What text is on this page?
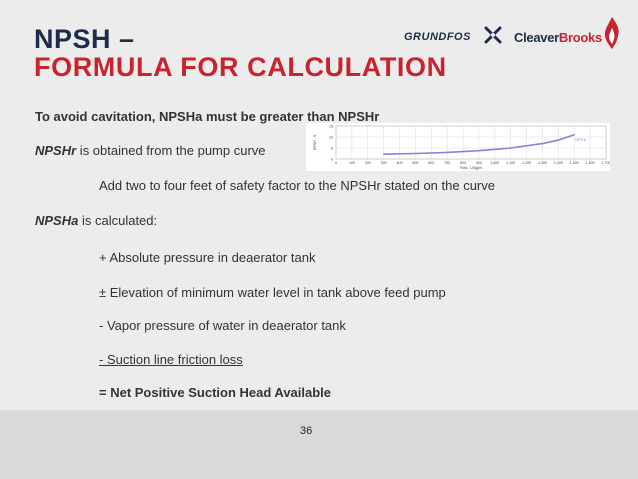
NPSH –
FORMULA FOR CALCULATION
GRUNDFOS	CleaverBrooks
To avoid cavitation, NPSHa must be greater than NPSHr
NPSHr is obtained from the pump curve
0	100	200	300	400	500	600	700	800	900 1,000 1,100 1,200 1,300 1,400 1,500 1,600 1,700
0
5
10
15
Flow - USgpm
NPSH - ft	NPSHr
Add two to four feet of safety factor to the NPSHr stated on the curve
NPSHa is calculated:
+ Absolute pressure in deaerator tank
± Elevation of minimum water level in tank above feed pump
- Vapor pressure of water in deaerator tank
- Suction line friction loss
= Net Positive Suction Head Available
36
